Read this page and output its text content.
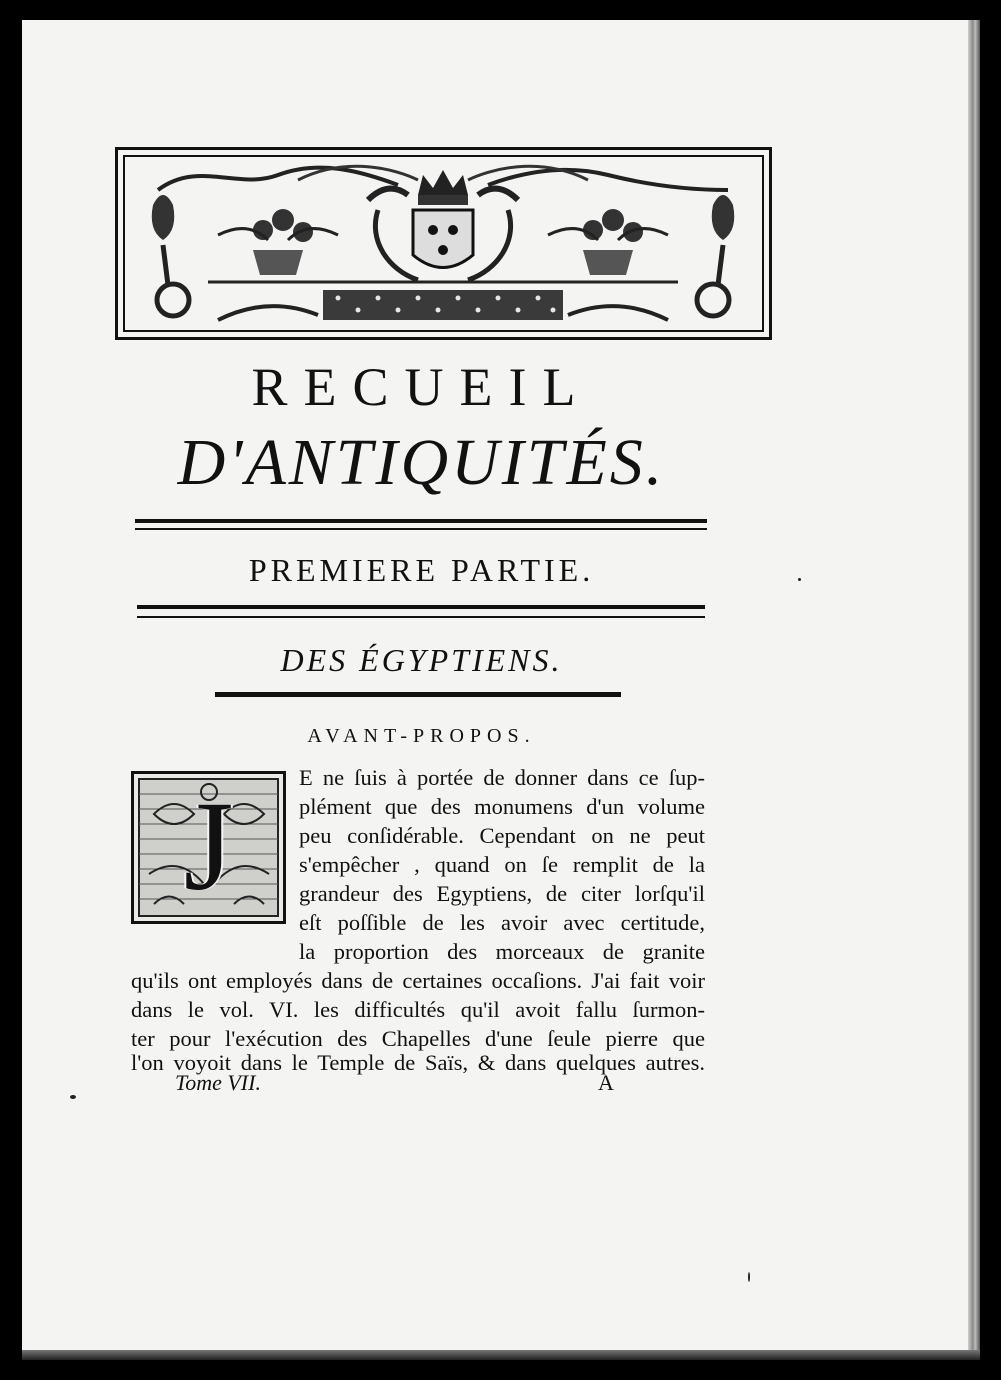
RECUEIL
D'ANTIQUITÉS.
PREMIERE PARTIE.
DES ÉGYPTIENS.
AVANT-PROPOS.
J	E ne ſuis à portée de donner dans ce ſup-
plément que des monumens d'un volume
peu conſidérable. Cependant on ne peut
s'empêcher , quand on ſe remplit de la
grandeur des Egyptiens, de citer lorſqu'il
eſt poſſible de les avoir avec certitude,
la proportion des morceaux de granite
qu'ils ont employés dans de certaines occaſions. J'ai fait voir
dans le vol. VI. les difficultés qu'il avoit fallu ſurmon-
ter pour l'exécution des Chapelles d'une ſeule pierre que
l'on voyoit dans le Temple de Saïs, & dans quelques autres.
Tome VII.	A
